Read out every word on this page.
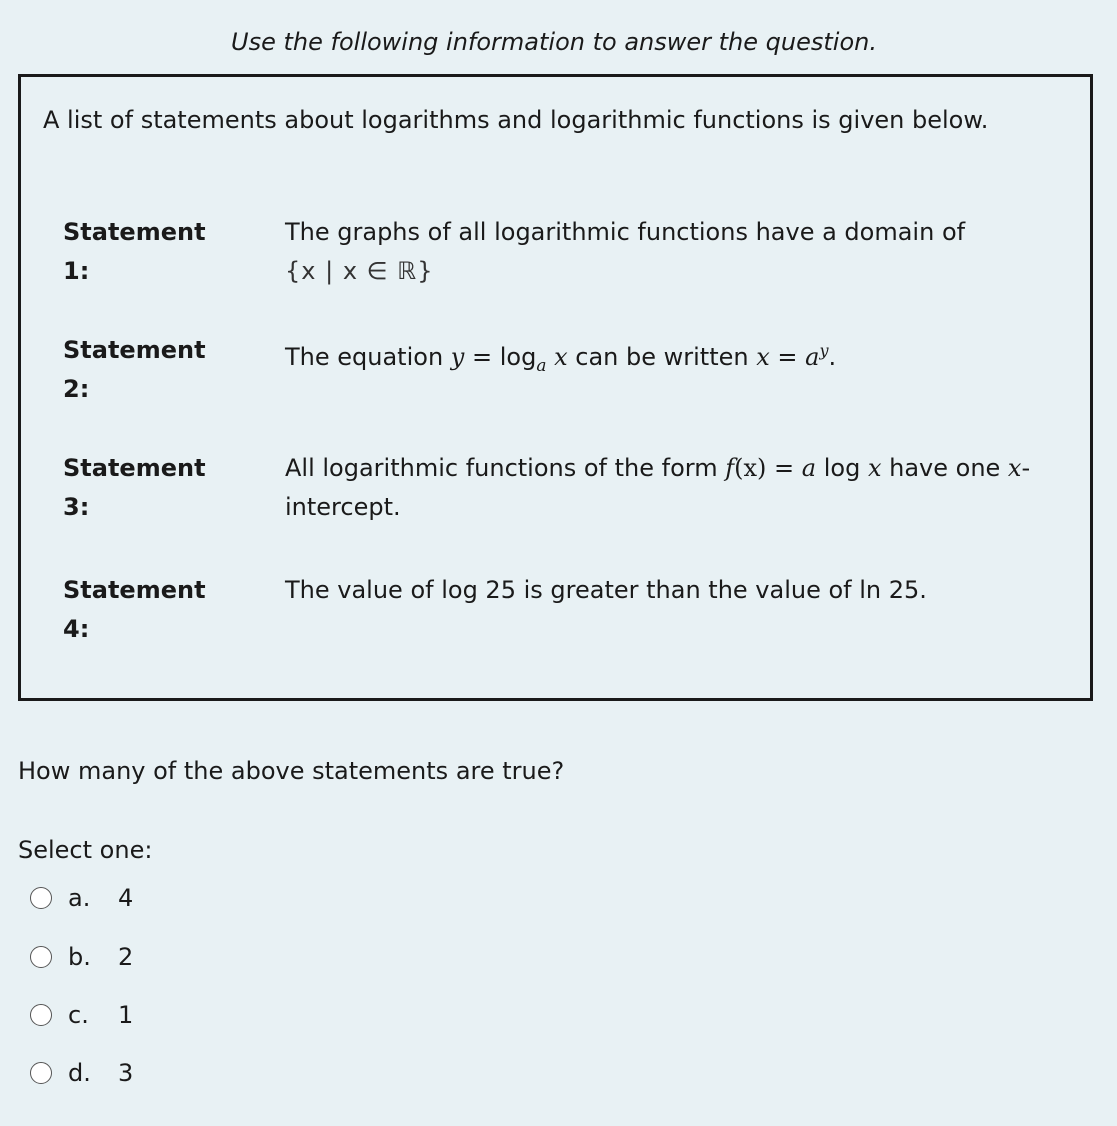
Use the following information to answer the question.
A list of statements about logarithms and logarithmic functions is given below.
Statement 1:
The graphs of all logarithmic functions have a domain of
{x | x ∈ ℝ}
Statement 2:
The equation $y = \log_a x$ can be written $x = a^y$.
Statement 3:
All logarithmic functions of the form f(x) = a log x have one x-intercept.
Statement 4:
The value of log 25 is greater than the value of ln 25.
How many of the above statements are true?
Select one:
a.	4
b.	2
c.	1
d.	3
